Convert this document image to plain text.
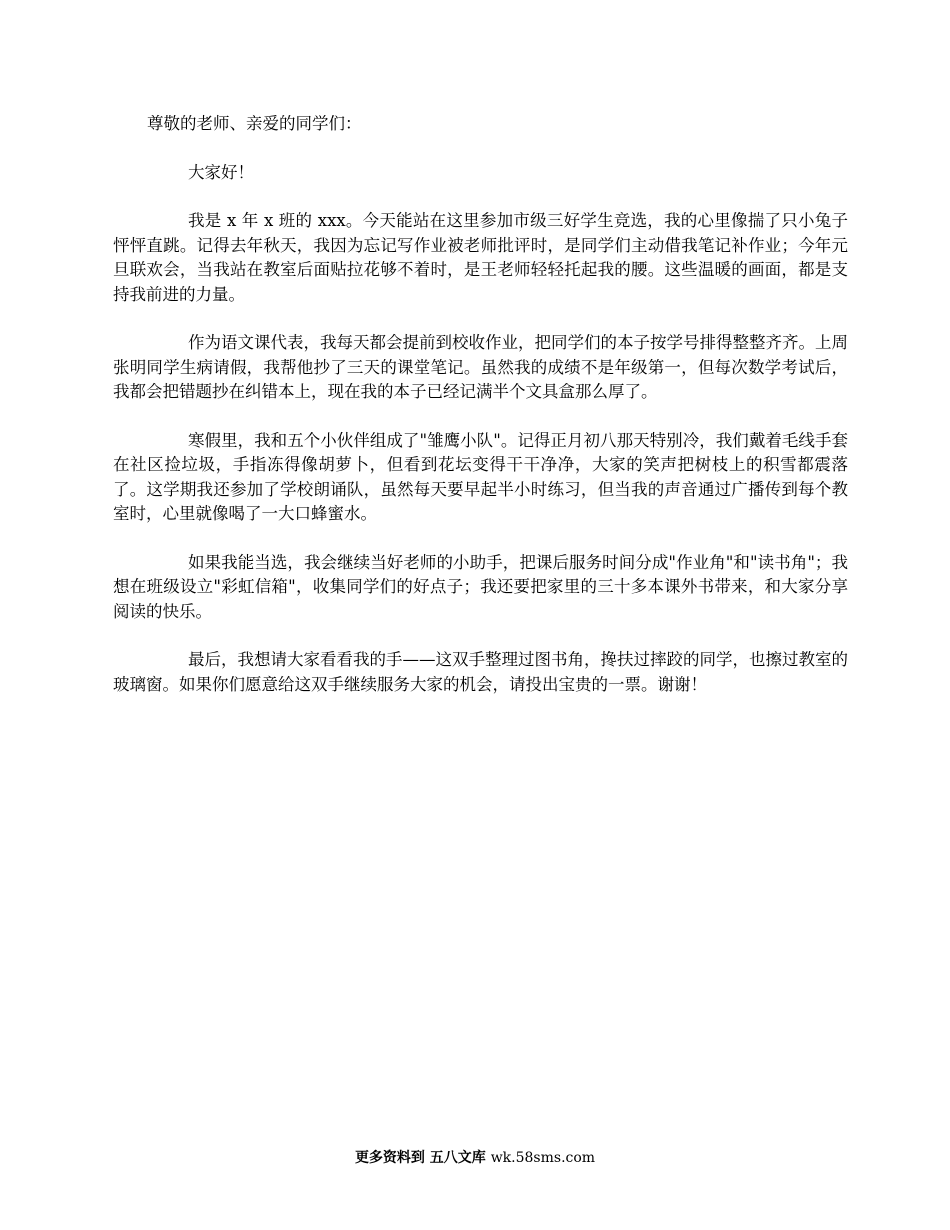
尊敬的老师、亲爱的同学们：

大家好！

我是 x 年 x 班的 xxx。今天能站在这里参加市级三好学生竞选，我的心里像揣了只小兔子怦怦直跳。记得去年秋天，我因为忘记写作业被老师批评时，是同学们主动借我笔记补作业；今年元旦联欢会，当我站在教室后面贴拉花够不着时，是王老师轻轻托起我的腰。这些温暖的画面，都是支持我前进的力量。

作为语文课代表，我每天都会提前到校收作业，把同学们的本子按学号排得整整齐齐。上周张明同学生病请假，我帮他抄了三天的课堂笔记。虽然我的成绩不是年级第一，但每次数学考试后，我都会把错题抄在纠错本上，现在我的本子已经记满半个文具盒那么厚了。

寒假里，我和五个小伙伴组成了"雏鹰小队"。记得正月初八那天特别冷，我们戴着毛线手套在社区捡垃圾，手指冻得像胡萝卜，但看到花坛变得干干净净，大家的笑声把树枝上的积雪都震落了。这学期我还参加了学校朗诵队，虽然每天要早起半小时练习，但当我的声音通过广播传到每个教室时，心里就像喝了一大口蜂蜜水。

如果我能当选，我会继续当好老师的小助手，把课后服务时间分成"作业角"和"读书角"；我想在班级设立"彩虹信箱"，收集同学们的好点子；我还要把家里的三十多本课外书带来，和大家分享阅读的快乐。

最后，我想请大家看看我的手——这双手整理过图书角，搀扶过摔跤的同学，也擦过教室的玻璃窗。如果你们愿意给这双手继续服务大家的机会，请投出宝贵的一票。谢谢！

更多资料到 五八文库 wk.58sms.com
